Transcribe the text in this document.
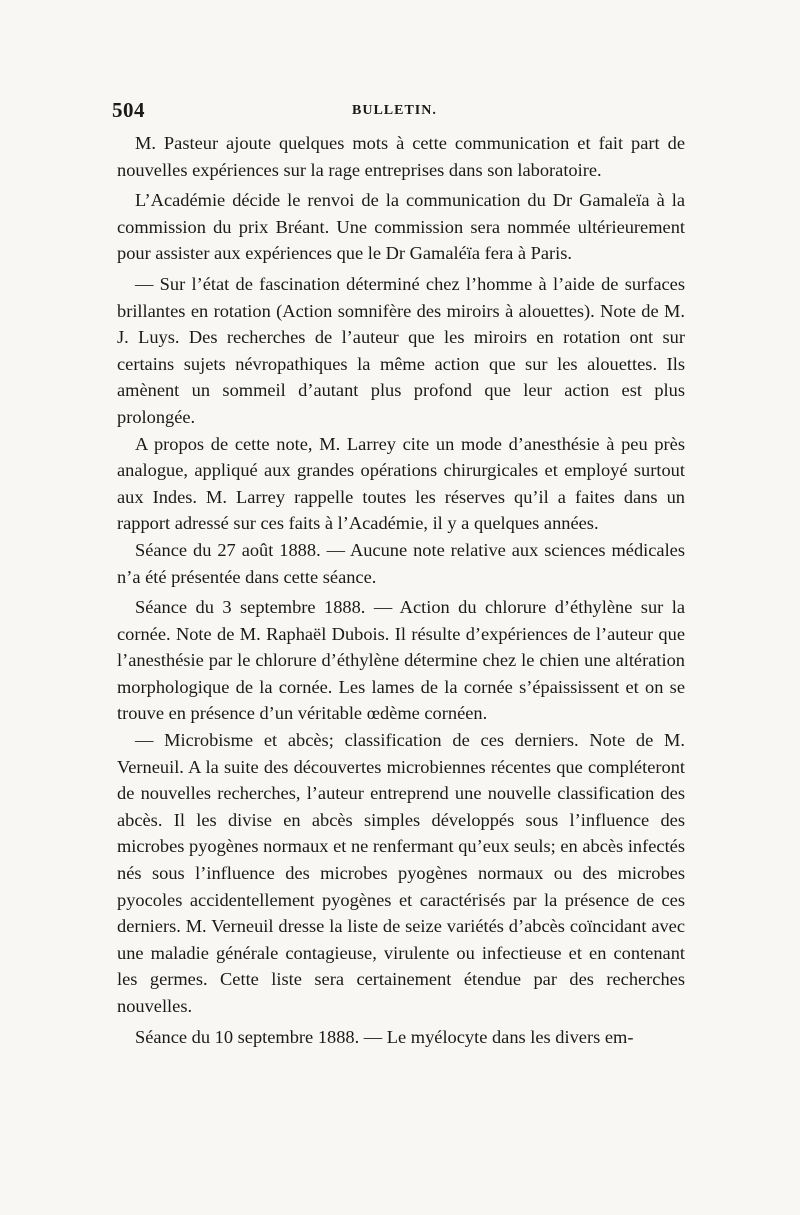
504	BULLETIN.

M. Pasteur ajoute quelques mots à cette communication et fait part de nouvelles expériences sur la rage entreprises dans son laboratoire.

L’Académie décide le renvoi de la communication du Dr Gamaleïa à la commission du prix Bréant. Une commission sera nommée ultérieurement pour assister aux expériences que le Dr Gamaléïa fera à Paris.

— Sur l’état de fascination déterminé chez l’homme à l’aide de surfaces brillantes en rotation (Action somnifère des miroirs à alouettes). Note de M. J. Luys. Des recherches de l’auteur que les miroirs en rotation ont sur certains sujets névropathiques la même action que sur les alouettes. Ils amènent un sommeil d’autant plus profond que leur action est plus prolongée.

A propos de cette note, M. Larrey cite un mode d’anesthésie à peu près analogue, appliqué aux grandes opérations chirurgicales et employé surtout aux Indes. M. Larrey rappelle toutes les réserves qu’il a faites dans un rapport adressé sur ces faits à l’Académie, il y a quelques années.

Séance du 27 août 1888. — Aucune note relative aux sciences médicales n’a été présentée dans cette séance.

Séance du 3 septembre 1888. — Action du chlorure d’éthylène sur la cornée. Note de M. Raphaël Dubois. Il résulte d’expériences de l’auteur que l’anesthésie par le chlorure d’éthylène détermine chez le chien une altération morphologique de la cornée. Les lames de la cornée s’épaississent et on se trouve en présence d’un véritable œdème cornéen.

— Microbisme et abcès; classification de ces derniers. Note de M. Verneuil. A la suite des découvertes microbiennes récentes que compléteront de nouvelles recherches, l’auteur entreprend une nouvelle classification des abcès. Il les divise en abcès simples développés sous l’influence des microbes pyogènes normaux et ne renfermant qu’eux seuls; en abcès infectés nés sous l’influence des microbes pyogènes normaux ou des microbes pyocoles accidentellement pyogènes et caractérisés par la présence de ces derniers. M. Verneuil dresse la liste de seize variétés d’abcès coïncidant avec une maladie générale contagieuse, virulente ou infectieuse et en contenant les germes. Cette liste sera certainement étendue par des recherches nouvelles.

Séance du 10 septembre 1888. — Le myélocyte dans les divers em-
